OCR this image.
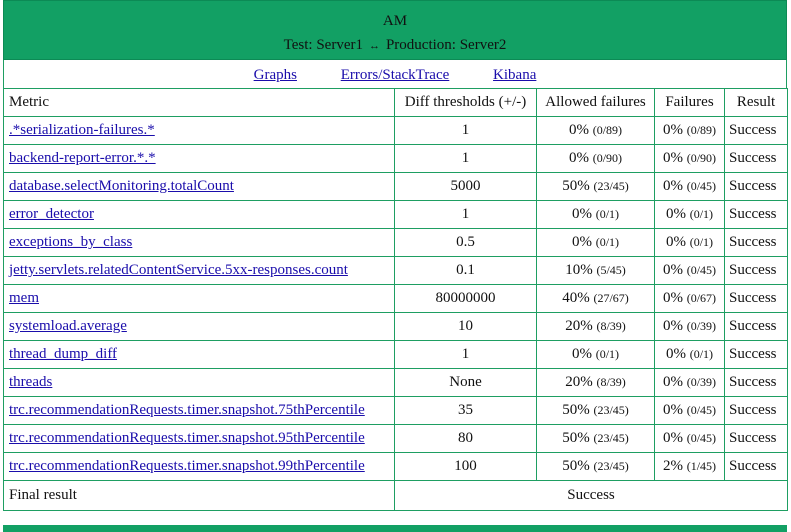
AM
Test: Server1 ↔ Production: Server2
Graphs	Errors/StackTrace	Kibana
Metric	Diff thresholds (+/-)	Allowed failures	Failures	Result
.*serialization-failures.*	1	0% (0/89)	0% (0/89)	Success
backend-report-error.*.*	1	0% (0/90)	0% (0/90)	Success
database.selectMonitoring.totalCount	5000	50% (23/45)	0% (0/45)	Success
error_detector	1	0% (0/1)	0% (0/1)	Success
exceptions_by_class	0.5	0% (0/1)	0% (0/1)	Success
jetty.servlets.relatedContentService.5xx-responses.count	0.1	10% (5/45)	0% (0/45)	Success
mem	80000000	40% (27/67)	0% (0/67)	Success
systemload.average	10	20% (8/39)	0% (0/39)	Success
thread_dump_diff	1	0% (0/1)	0% (0/1)	Success
threads	None	20% (8/39)	0% (0/39)	Success
trc.recommendationRequests.timer.snapshot.75thPercentile	35	50% (23/45)	0% (0/45)	Success
trc.recommendationRequests.timer.snapshot.95thPercentile	80	50% (23/45)	0% (0/45)	Success
trc.recommendationRequests.timer.snapshot.99thPercentile	100	50% (23/45)	2% (1/45)	Success
Final result	Success			
